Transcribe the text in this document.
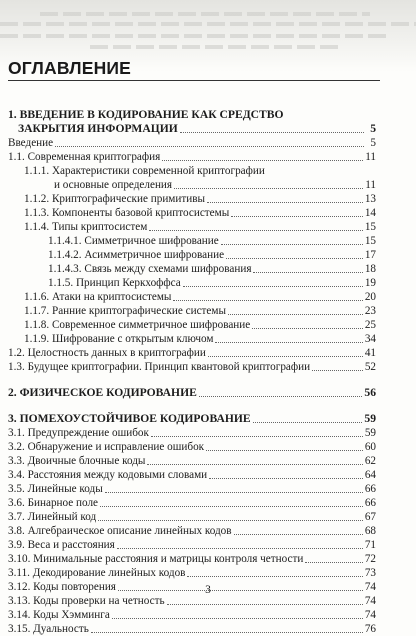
ОГЛАВЛЕНИЕ
1. ВВЕДЕНИЕ В КОДИРОВАНИЕ КАК СРЕДСТВО
ЗАКРЫТИЯ ИНФОРМАЦИИ	5
Введение	5
1.1. Современная криптография	11
1.1.1. Характеристики современной криптографии
и основные определения	11
1.1.2. Криптографические примитивы	13
1.1.3. Компоненты базовой криптосистемы	14
1.1.4. Типы криптосистем	15
1.1.4.1. Симметричное шифрование	15
1.1.4.2. Асимметричное шифрование	17
1.1.4.3. Связь между схемами шифрования	18
1.1.5. Принцип Керкхоффса	19
1.1.6. Атаки на криптосистемы	20
1.1.7. Ранние криптографические системы	23
1.1.8. Современное симметричное шифрование	25
1.1.9. Шифрование с открытым ключом	34
1.2. Целостность данных в криптографии	41
1.3. Будущее криптографии. Принцип квантовой криптографии	52
2. ФИЗИЧЕСКОЕ КОДИРОВАНИЕ	56
3. ПОМЕХОУСТОЙЧИВОЕ КОДИРОВАНИЕ	59
3.1. Предупреждение ошибок	59
3.2. Обнаружение и исправление ошибок	60
3.3. Двоичные блочные коды	62
3.4. Расстояния между кодовыми словами	64
3.5. Линейные коды	66
3.6. Бинарное поле	66
3.7. Линейный код	67
3.8. Алгебраическое описание линейных кодов	68
3.9. Веса и расстояния	71
3.10. Минимальные расстояния и матрицы контроля четности	72
3.11. Декодирование линейных кодов	73
3.12. Коды повторения	74
3.13. Коды проверки на четность	74
3.14. Коды Хэмминга	74
3.15. Дуальность	76
3
